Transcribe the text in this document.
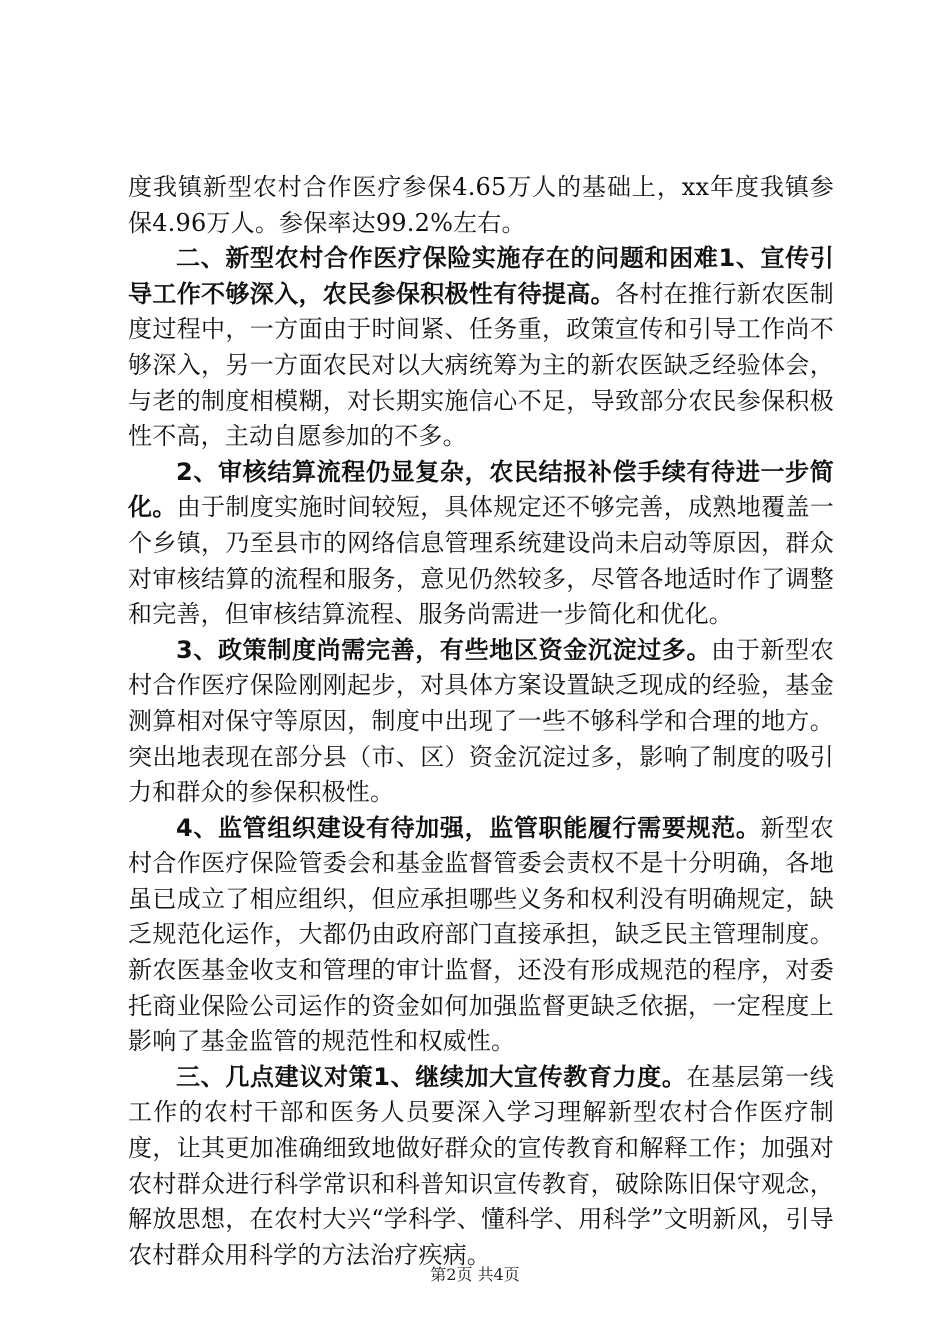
度我镇新型农村合作医疗参保4.65万人的基础上，xx年度我镇参保4.96万人。参保率达99.2%左右。

二、新型农村合作医疗保险实施存在的问题和困难1、宣传引导工作不够深入，农民参保积极性有待提高。各村在推行新农医制度过程中，一方面由于时间紧、任务重，政策宣传和引导工作尚不够深入，另一方面农民对以大病统筹为主的新农医缺乏经验体会，与老的制度相模糊，对长期实施信心不足，导致部分农民参保积极性不高，主动自愿参加的不多。

2、审核结算流程仍显复杂，农民结报补偿手续有待进一步简化。由于制度实施时间较短，具体规定还不够完善，成熟地覆盖一个乡镇，乃至县市的网络信息管理系统建设尚未启动等原因，群众对审核结算的流程和服务，意见仍然较多，尽管各地适时作了调整和完善，但审核结算流程、服务尚需进一步简化和优化。

3、政策制度尚需完善，有些地区资金沉淀过多。由于新型农村合作医疗保险刚刚起步，对具体方案设置缺乏现成的经验，基金测算相对保守等原因，制度中出现了一些不够科学和合理的地方。突出地表现在部分县（市、区）资金沉淀过多，影响了制度的吸引力和群众的参保积极性。

4、监管组织建设有待加强，监管职能履行需要规范。新型农村合作医疗保险管委会和基金监督管委会责权不是十分明确，各地虽已成立了相应组织，但应承担哪些义务和权利没有明确规定，缺乏规范化运作，大都仍由政府部门直接承担，缺乏民主管理制度。新农医基金收支和管理的审计监督，还没有形成规范的程序，对委托商业保险公司运作的资金如何加强监督更缺乏依据，一定程度上影响了基金监管的规范性和权威性。

三、几点建议对策1、继续加大宣传教育力度。在基层第一线工作的农村干部和医务人员要深入学习理解新型农村合作医疗制度，让其更加准确细致地做好群众的宣传教育和解释工作；加强对农村群众进行科学常识和科普知识宣传教育，破除陈旧保守观念，解放思想，在农村大兴“学科学、懂科学、用科学”文明新风，引导农村群众用科学的方法治疗疾病。

第2页 共4页
